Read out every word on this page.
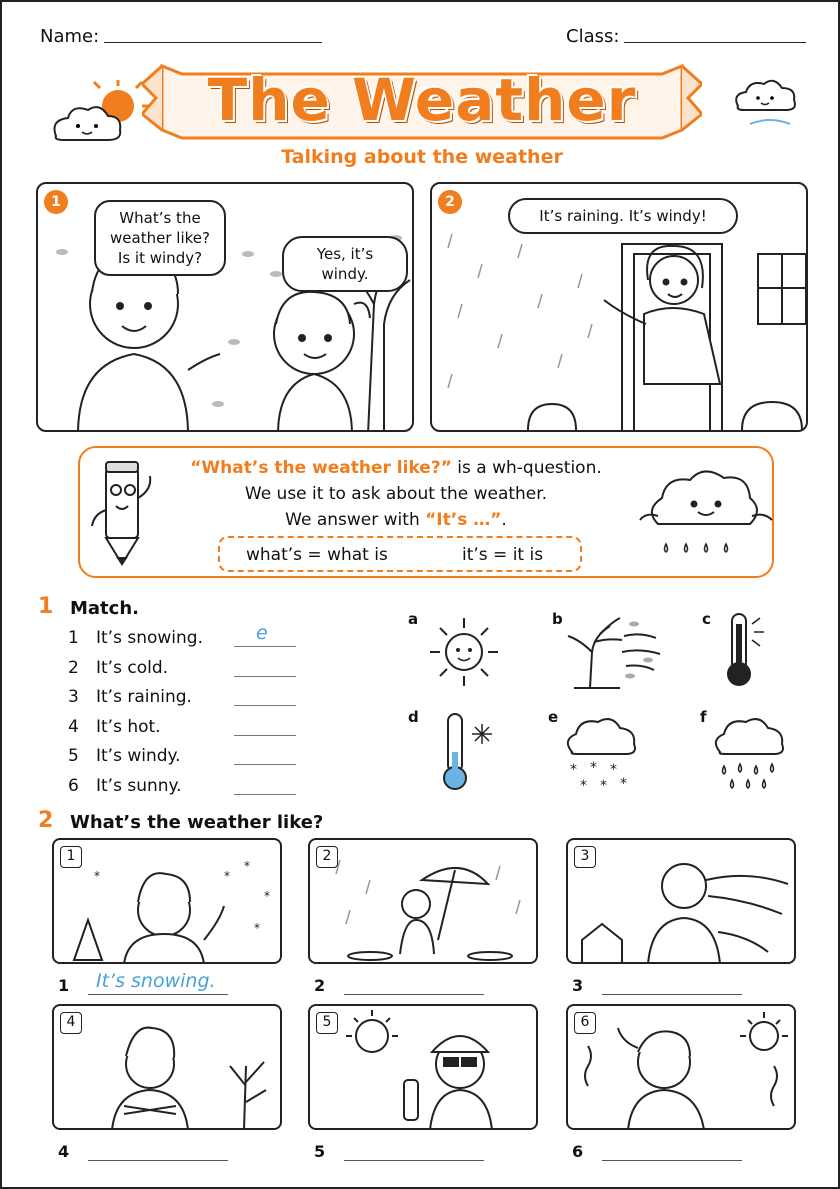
Name:	Class:
The Weather
Talking about the weather
1
What’s the weather like? Is it windy?	Yes, it’s windy.
2
It’s raining. It’s windy!
“What’s the weather like?” is a wh-question.
We use it to ask about the weather.
We answer with “It’s …”.
what’s = what is	it’s = it is
1 Match.
1 It’s snowing.	e
2 It’s cold.
3 It’s raining.
4 It’s hot.
5 It’s windy.
6 It’s sunny.
a	b	c
d	e
* * *
* * *
f
2 What’s the weather like?
*
*
*
*
*
1
1 It’s snowing.
2
2
3
3
4
4
5
5
6
6
